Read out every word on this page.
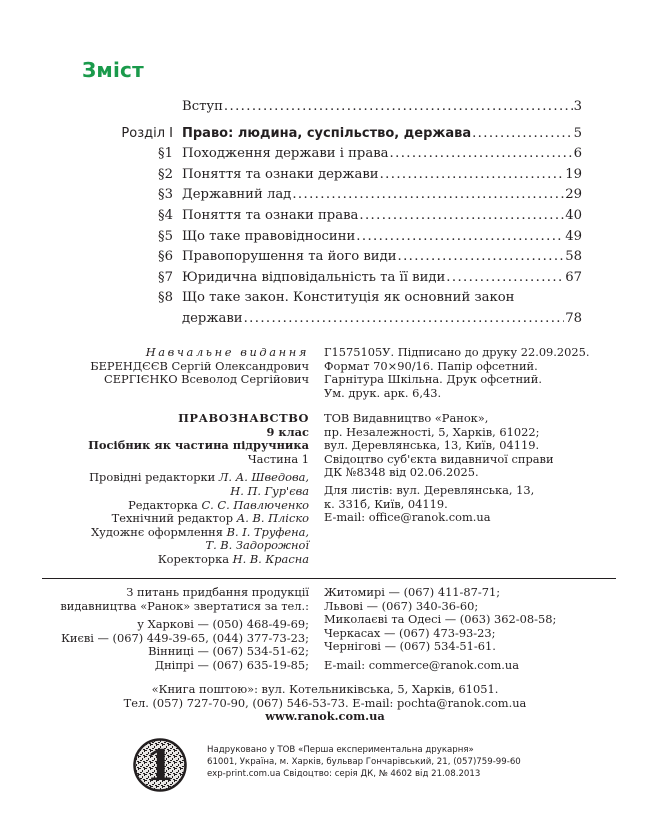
Зміст
Вступ . . .	3
Розділ І Право: людина, суспільство, держава . . .	5
§1 Походження держави і права . . .	6
§2 Поняття та ознаки держави . . .	19
§3 Державний лад . . .	29
§4 Поняття та ознаки права . . .	40
§5 Що таке правовідносини . . .	49
§6 Правопорушення та його види . . .	58
§7 Юридична відповідальність та її види . . .	67
§8 Що таке закон. Конституція як основний закон
держави . . .	78
Навчальне видання
БЕРЕНДЄЄВ Сергій Олександрович
СЕРГІЄНКО Всеволод Сергійович
ПРАВОЗНАВСТВО
9 клас
Посібник як частина підручника
Частина 1
Провідні редакторки Л. А. Шведова,
Н. П. Гур'єва
Редакторка С. С. Павлюченко
Технічний редактор А. В. Пліско
Художнє оформлення В. І. Труфена,
Т. В. Задорожної
Коректорка Н. В. Красна
Г1575105У. Підписано до друку 22.09.2025.
Формат 70×90/16. Папір офсетний.
Гарнітура Шкільна. Друк офсетний.
Ум. друк. арк. 6,43.
ТОВ Видавництво «Ранок»,
пр. Незалежності, 5, Харків, 61022;
вул. Деревлянська, 13, Київ, 04119.
Свідоцтво суб'єкта видавничої справи
ДК №8348 від 02.06.2025.
Для листів: вул. Деревлянська, 13,
к. 331б, Київ, 04119.
E-mail: office@ranok.com.ua
З питань придбання продукції
видавництва «Ранок» звертатися за тел.:
у Харкові — (050) 468-49-69;
Києві — (067) 449-39-65, (044) 377-73-23;
Вінниці — (067) 534-51-62;
Дніпрі — (067) 635-19-85;
Житомирі — (067) 411-87-71;
Львові — (067) 340-36-60;
Миколаєві та Одесі — (063) 362-08-58;
Черкасах — (067) 473-93-23;
Чернігові — (067) 534-51-61.
E-mail: commerce@ranok.com.ua
«Книга поштою»: вул. Котельниківська, 5, Харків, 61051.
Тел. (057) 727-70-90, (067) 546-53-73. E-mail: pochta@ranok.com.ua
www.ranok.com.ua
1	Надруковано у ТОВ «Перша експериментальна друкарня»
61001, Україна, м. Харків, бульвар Гончарівський, 21, (057)759-99-60
exp-print.com.ua Свідоцтво: серія ДК, № 4602 від 21.08.2013
